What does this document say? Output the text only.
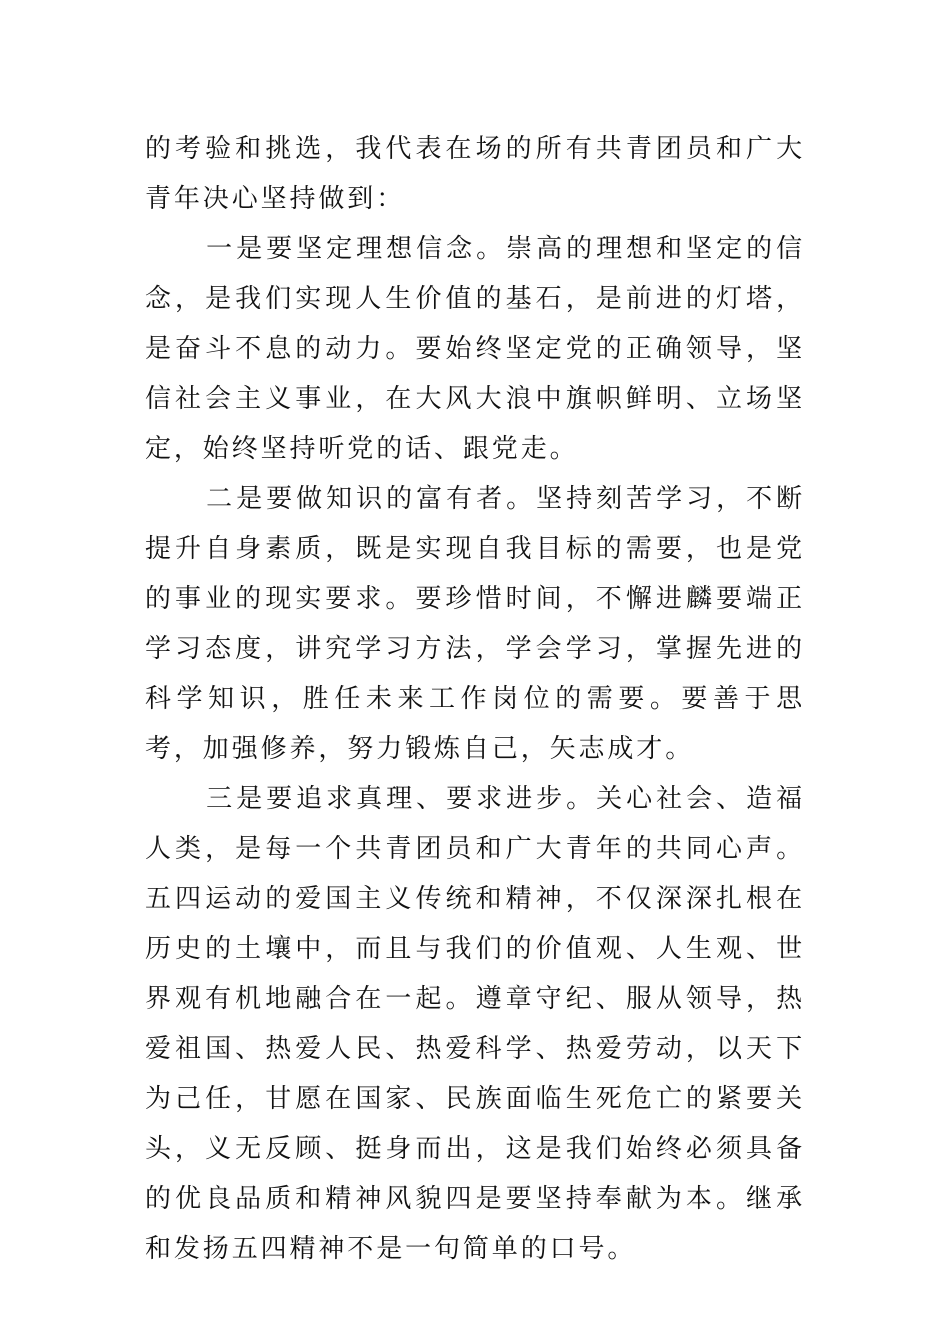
的考验和挑选，我代表在场的所有共青团员和广大青年决心坚持做到：

一是要坚定理想信念。崇高的理想和坚定的信念，是我们实现人生价值的基石，是前进的灯塔，是奋斗不息的动力。要始终坚定党的正确领导，坚信社会主义事业，在大风大浪中旗帜鲜明、立场坚定，始终坚持听党的话、跟党走。

二是要做知识的富有者。坚持刻苦学习，不断提升自身素质，既是实现自我目标的需要，也是党的事业的现实要求。要珍惜时间，不懈进麟要端正学习态度，讲究学习方法，学会学习，掌握先进的科学知识，胜任未来工作岗位的需要。要善于思考，加强修养，努力锻炼自己，矢志成才。

三是要追求真理、要求进步。关心社会、造福人类，是每一个共青团员和广大青年的共同心声。五四运动的爱国主义传统和精神，不仅深深扎根在历史的土壤中，而且与我们的价值观、人生观、世界观有机地融合在一起。遵章守纪、服从领导，热爱祖国、热爱人民、热爱科学、热爱劳动，以天下为己任，甘愿在国家、民族面临生死危亡的紧要关头，义无反顾、挺身而出，这是我们始终必须具备的优良品质和精神风貌四是要坚持奉献为本。继承和发扬五四精神不是一句简单的口号。
